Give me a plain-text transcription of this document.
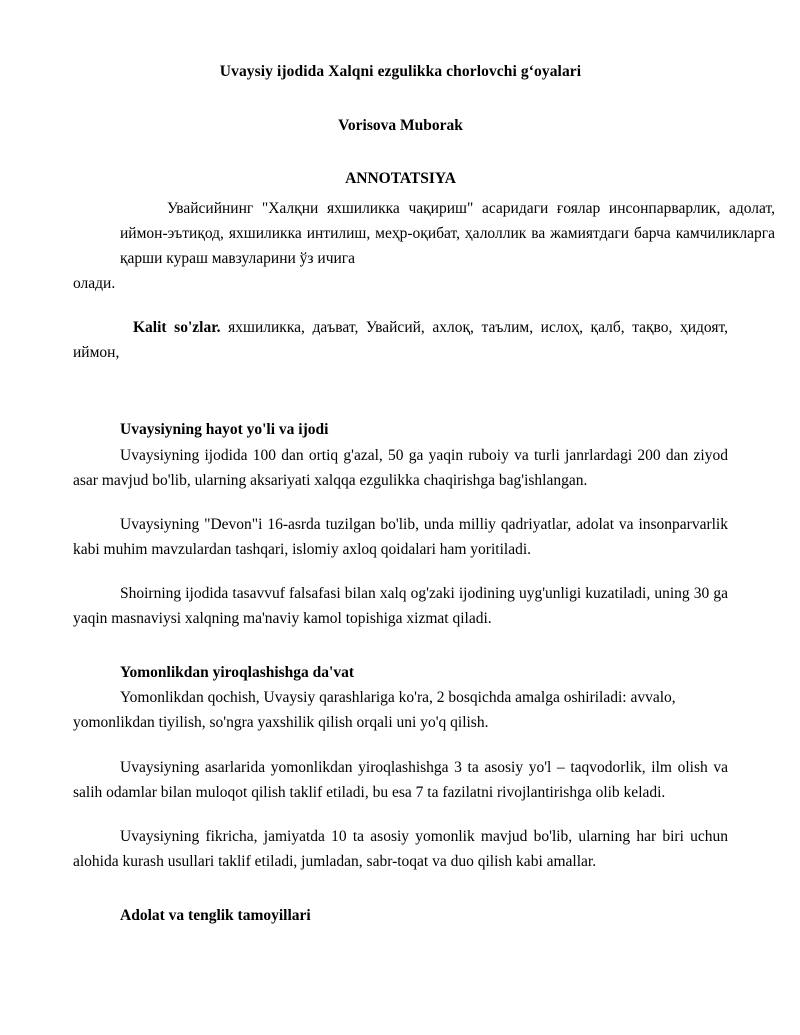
Uvaysiy ijodida Xalqni ezgulikka chorlovchi g‘oyalari
Vorisova Muborak
ANNOTATSIYA

Увайсийнинг "Халқни яхшиликка чақириш" асаридаги ғоялар инсонпарварлик, адолат, иймон-эътиқод, яхшиликка интилиш, меҳр-оқибат, ҳалоллик ва жамиятдаги барча камчиликларга қарши кураш мавзуларини ўз ичигаолади.

Kalit so'zlar. яхшиликка, даъват, Увайсий, ахлоқ, таълим, ислоҳ, қалб, тақво, ҳидоят, иймон,

Uvaysiyning hayot yo'li va ijodi

Uvaysiyning ijodida 100 dan ortiq g'azal, 50 ga yaqin ruboiy va turli janrlardagi 200 dan ziyod asar mavjud bo'lib, ularning aksariyati xalqqa ezgulikka chaqirishga bag'ishlangan.

Uvaysiyning "Devon"i 16-asrda tuzilgan bo'lib, unda milliy qadriyatlar, adolat va insonparvarlik kabi muhim mavzulardan tashqari, islomiy axloq qoidalari ham yoritiladi.

Shoirning ijodida tasavvuf falsafasi bilan xalq og'zaki ijodining uyg'unligi kuzatiladi, uning 30 ga yaqin masnaviysi xalqning ma'naviy kamol topishiga xizmat qiladi.

Yomonlikdan yiroqlashishga da'vat

Yomonlikdan qochish, Uvaysiy qarashlariga ko'ra, 2 bosqichda amalga oshiriladi: avvalo, yomonlikdan tiyilish, so'ngra yaxshilik qilish orqali uni yo'q qilish.

Uvaysiyning asarlarida yomonlikdan yiroqlashishga 3 ta asosiy yo'l – taqvodorlik, ilm olish va salih odamlar bilan muloqot qilish taklif etiladi, bu esa 7 ta fazilatni rivojlantirishga olib keladi.

Uvaysiyning fikricha, jamiyatda 10 ta asosiy yomonlik mavjud bo'lib, ularning har biri uchun alohida kurash usullari taklif etiladi, jumladan, sabr-toqat va duo qilish kabi amallar.

Adolat va tenglik tamoyillari
